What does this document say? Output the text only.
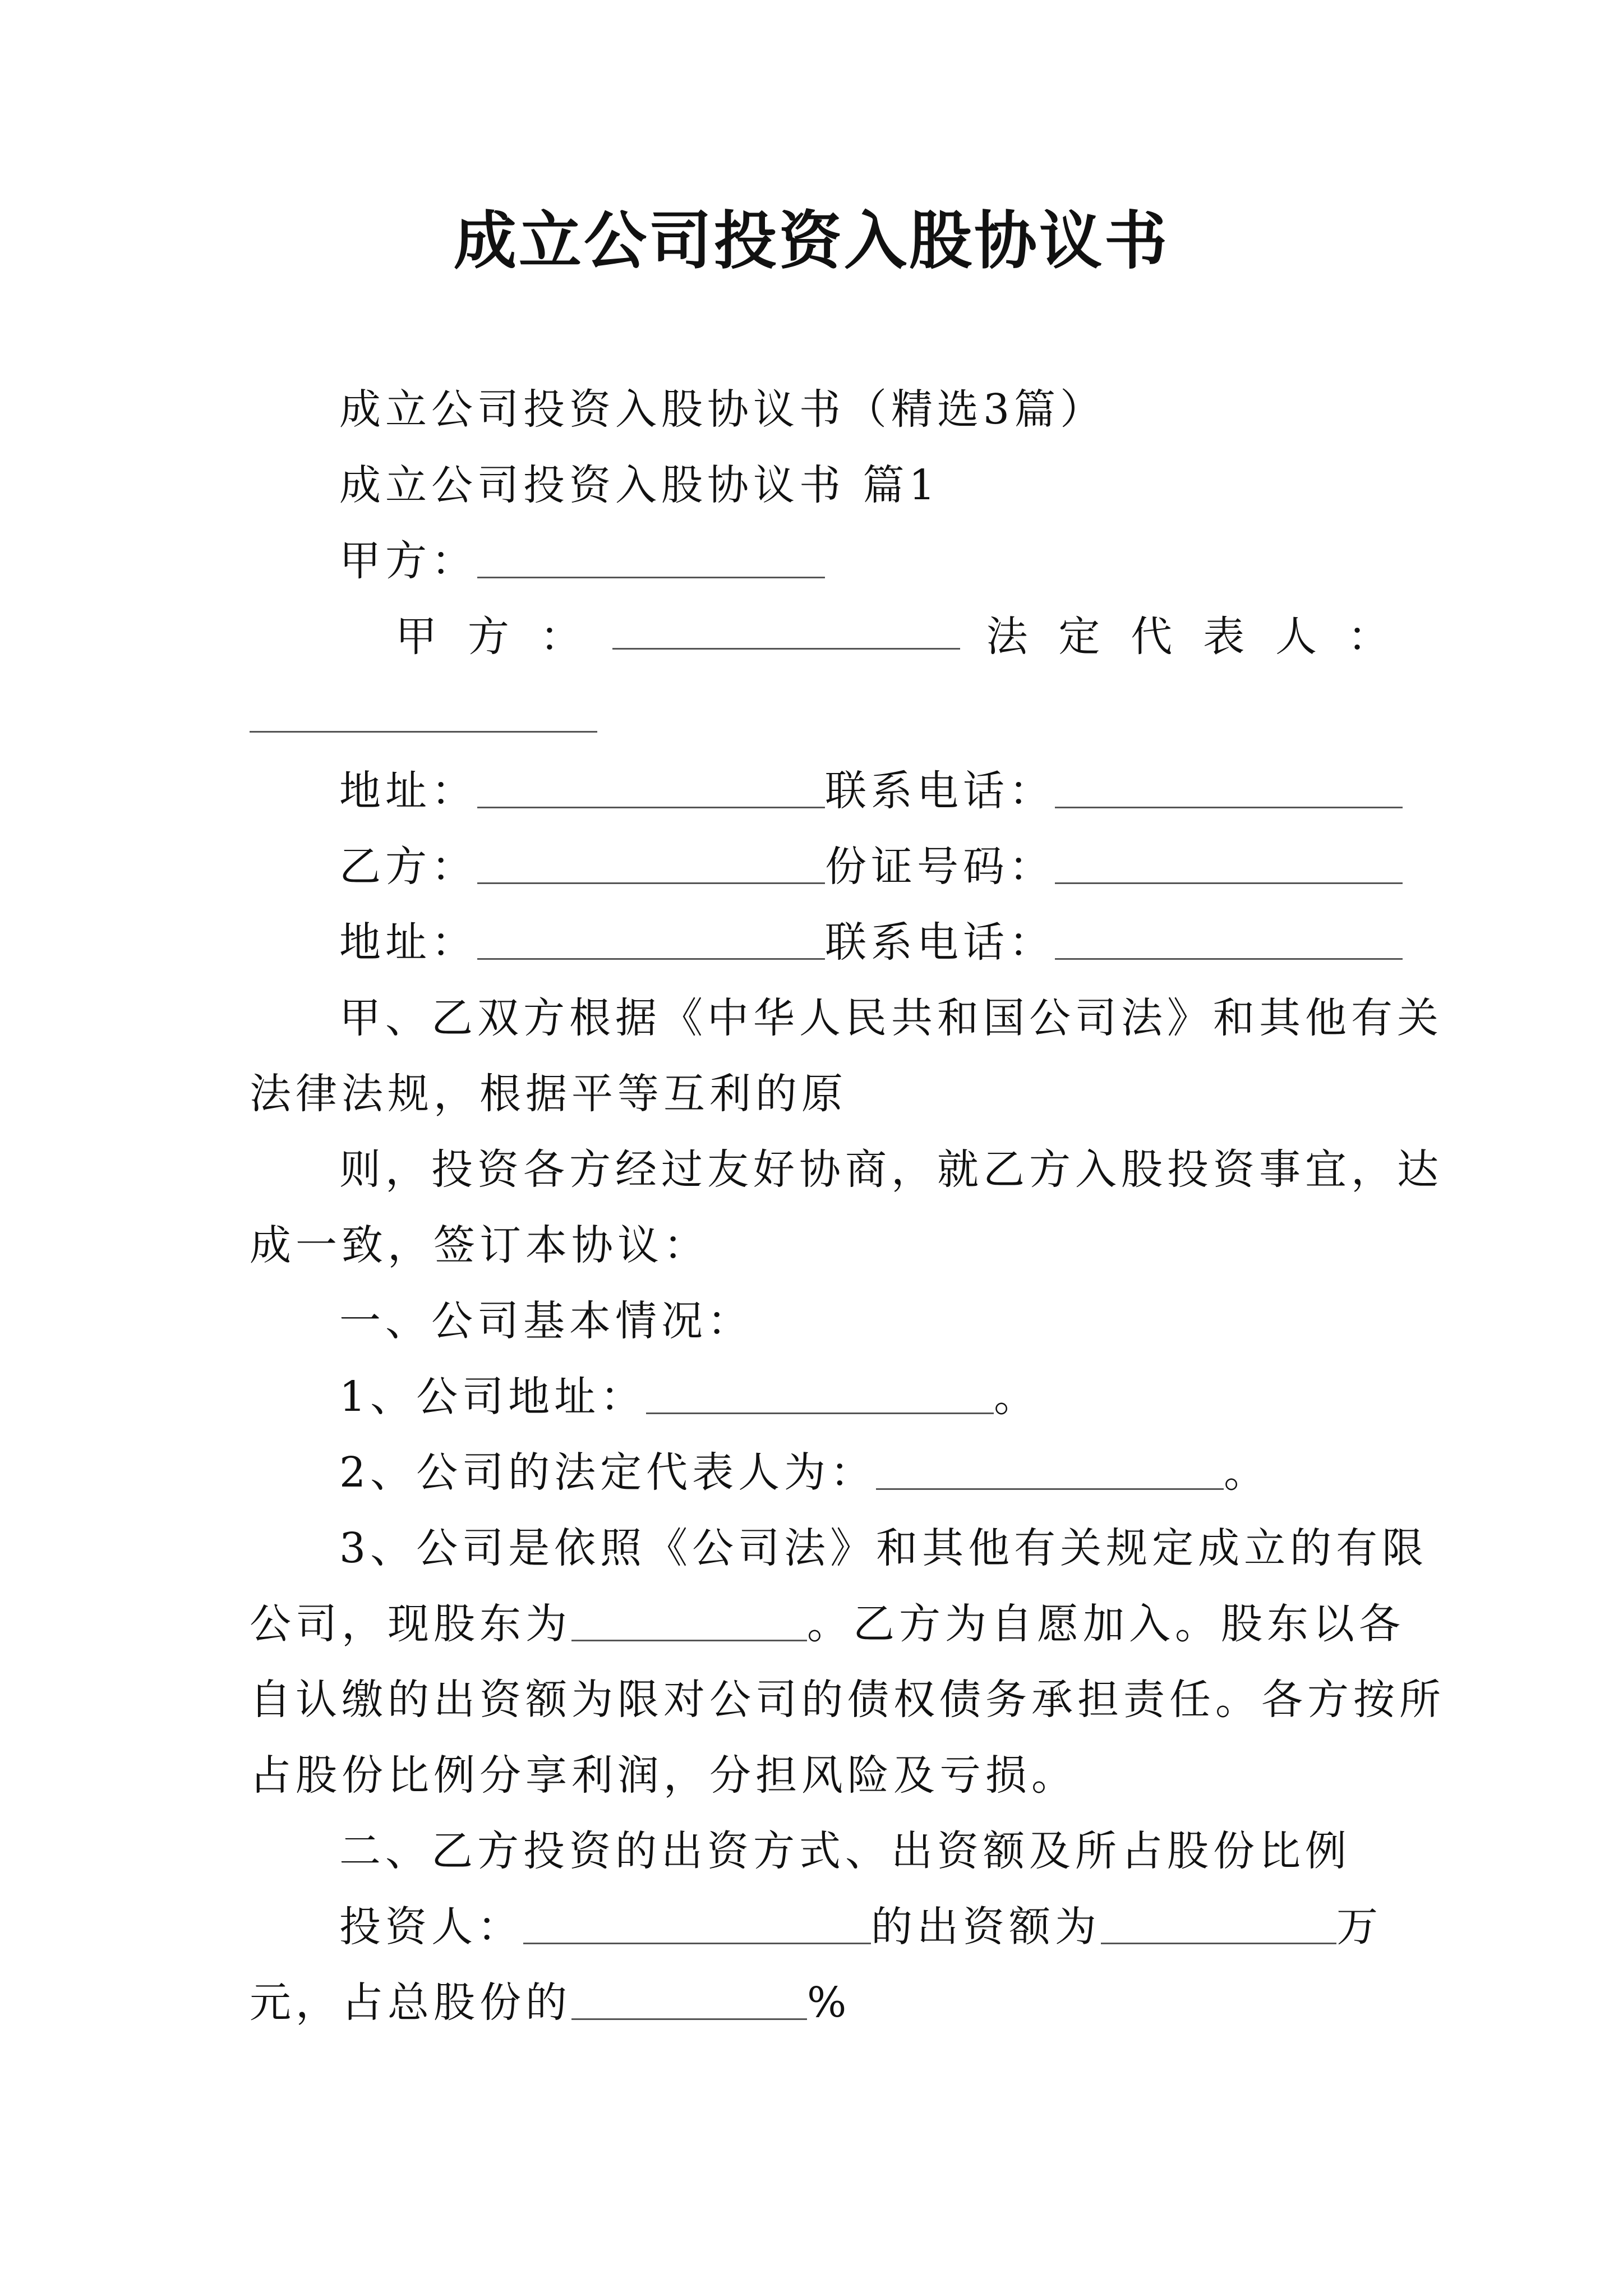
成立公司投资入股协议书
成立公司投资入股协议书（精选3篇）
成立公司投资入股协议书 篇1
甲方：
甲 方 ：	法 定 代 表 人 ：
地址：	联系电话：
乙方：	份证号码：
地址：	联系电话：
甲、乙双方根据《中华人民共和国公司法》和其他有关
法律法规，根据平等互利的原
则，投资各方经过友好协商，就乙方入股投资事宜，达
成一致，签订本协议：
一、公司基本情况：
1、公司地址：	。
2、公司的法定代表人为：	。
3、公司是依照《公司法》和其他有关规定成立的有限
公司，现股东为	。乙方为自愿加入。股东以各
自认缴的出资额为限对公司的债权债务承担责任。各方按所
占股份比例分享利润，分担风险及亏损。
二、乙方投资的出资方式、出资额及所占股份比例
投资人：	的出资额为	万
元，占总股份的	%
